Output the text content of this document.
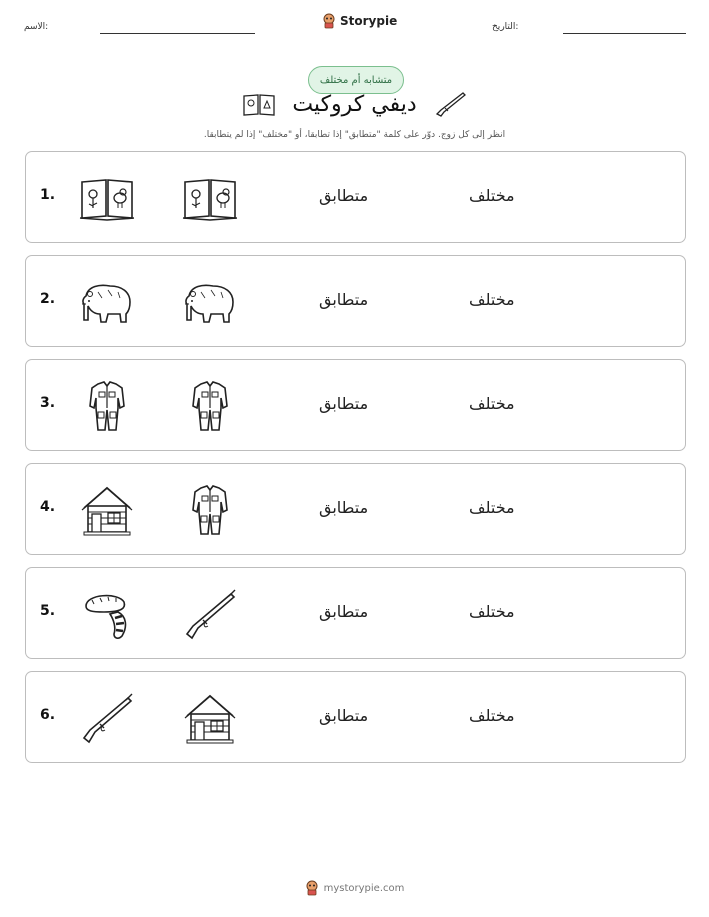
الاسم:	Storypie	التاريخ:
متشابه أم مختلف
ديفي كروكيت
انظر إلى كل زوج. دوّر على كلمة "متطابق" إذا تطابقا، أو "مختلف" إذا لم يتطابقا.
1.	متطابق	مختلف
2.	متطابق	مختلف
3.	متطابق	مختلف
4.	متطابق	مختلف
5.	متطابق	مختلف
6.	متطابق	مختلف
mystorypie.com
